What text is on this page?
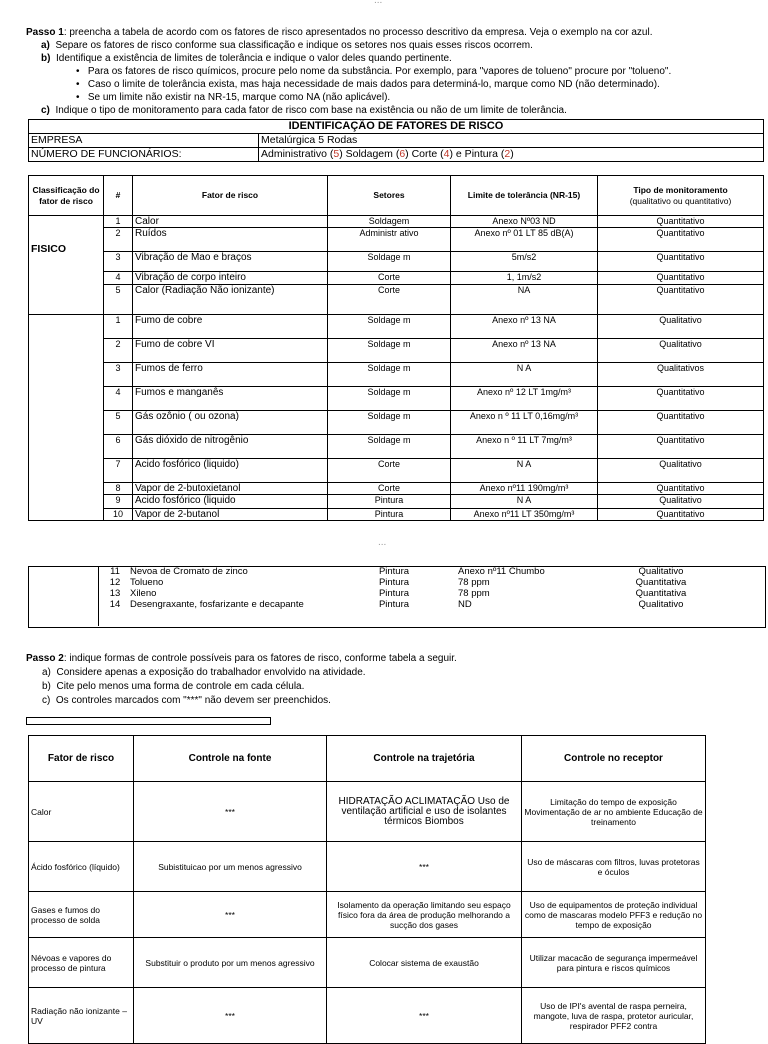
...
Passo 1: preencha a tabela de acordo com os fatores de risco apresentados no processo descritivo da empresa. Veja o exemplo na cor azul.
a) Separe os fatores de risco conforme sua classificação e indique os setores nos quais esses riscos ocorrem.
b) Identifique a existência de limites de tolerância e indique o valor deles quando pertinente.
•   Para os fatores de risco químicos, procure pelo nome da substância. Por exemplo, para "vapores de tolueno" procure por "tolueno".
•   Caso o limite de tolerância exista, mas haja necessidade de mais dados para determiná-lo, marque como ND (não determinado).
•   Se um limite não existir na NR-15, marque como NA (não aplicável).
c) Indique o tipo de monitoramento para cada fator de risco com base na existência ou não de um limite de tolerância.
IDENTIFICAÇÃO DE FATORES DE RISCO	
EMPRESA	Metalúrgica 5 Rodas
NÚMERO DE FUNCIONÁRIOS:	Administrativo (5) Soldagem (6) Corte (4) e Pintura (2)
Classificação do fator de risco	#	Fator de risco	Setores	Limite de tolerância (NR-15)	Tipo de monitoramento
(qualitativo ou quantitativo)
FISICO	1	Calor	Soldagem	Anexo Nº03 ND	Quantitativo
	2	Ruídos	Administr ativo	Anexo nº 01 LT 85 dB(A)	Quantitativo
	3	Vibração de Mao e braços	Soldage m	5m/s2	Quantitativo
	4	Vibração de corpo inteiro	Corte	1, 1m/s2	Quantitativo
	5	Calor (Radiação Não ionizante)	Corte	NA	Quantitativo
	1	Fumo de cobre	Soldage m	Anexo nº 13 NA	Qualitativo
	2	Fumo de cobre VI	Soldage m	Anexo nº 13 NA	Qualitativo
	3	Fumos de ferro	Soldage m	N A	Qualitativos
	4	Fumos e manganês	Soldage m	Anexo nº 12 LT 1mg/m³	Quantitativo
	5	Gás ozônio ( ou ozona)	Soldage m	Anexo n º 11 LT 0,16mg/m³	Quantitativo
	6	Gás dióxido de nitrogênio	Soldage m	Anexo n º 11 LT 7mg/m³	Quantitativo
	7	Acido fosfórico (liquido)	Corte	N A	Qualitativo
	8	Vapor de 2-butoxietanol	Corte	Anexo nº11 190mg/m³	Quantitativo
	9	Acido fosfórico (liquido	Pintura	N A	Qualitativo
	10	Vapor de 2-butanol	Pintura	Anexo nº11 LT 350mg/m³	Quantitativo
...
11	Nevoa de Cromato de zinco	Pintura	Anexo nº11 Chumbo	Qualitativo
12	Tolueno	Pintura	78 ppm	Quantitativa
13	Xileno	Pintura	78 ppm	Quantitativa
14	Desengraxante, fosfarizante e decapante	Pintura	ND	Qualitativo
Passo 2: indique formas de controle possíveis para os fatores de risco, conforme tabela a seguir.
a) Considere apenas a exposição do trabalhador envolvido na atividade.
b) Cite pelo menos uma forma de controle em cada célula.
c) Os controles marcados com "***" não devem ser preenchidos.
Fator de risco	Controle na fonte	Controle na trajetória	Controle no receptor
Calor	***	HIDRATAÇÃO ACLIMATAÇÃO Uso de ventilação artificial e uso de isolantes térmicos Biombos	Limitação do tempo de exposição Movimentação de ar no ambiente Educação de treinamento
Ácido fosfórico (líquido)	Subistituicao por um menos agressivo	***	Uso de máscaras com filtros, luvas protetoras e óculos
Gases e fumos do processo de solda	***	Isolamento da operação limitando seu espaço físico fora da área de produção melhorando a sucção dos gases	Uso de equipamentos de proteção individual como de mascaras modelo PFF3 e redução no tempo de exposição
Névoas e vapores do processo de pintura	Substituir o produto por um menos agressivo	Colocar sistema de exaustão	Utilizar macacão de segurança impermeável para pintura e riscos químicos
Radiação não ionizante – UV	***	***	Uso de IPI's avental de raspa perneira, mangote, luva de raspa, protetor auricular, respirador PFF2 contra
